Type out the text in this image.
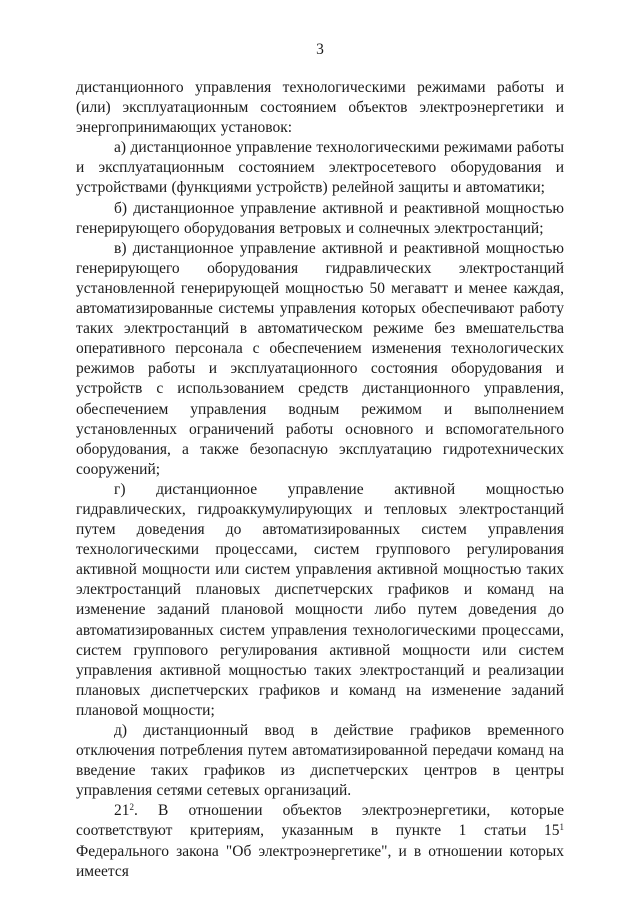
3

дистанционного управления технологическими режимами работы и (или) эксплуатационным состоянием объектов электроэнергетики и энергопринимающих установок:

а) дистанционное управление технологическими режимами работы и эксплуатационным состоянием электросетевого оборудования и устройствами (функциями устройств) релейной защиты и автоматики;

б) дистанционное управление активной и реактивной мощностью генерирующего оборудования ветровых и солнечных электростанций;

в) дистанционное управление активной и реактивной мощностью генерирующего оборудования гидравлических электростанций установленной генерирующей мощностью 50 мегаватт и менее каждая, автоматизированные системы управления которых обеспечивают работу таких электростанций в автоматическом режиме без вмешательства оперативного персонала с обеспечением изменения технологических режимов работы и эксплуатационного состояния оборудования и устройств с использованием средств дистанционного управления, обеспечением управления водным режимом и выполнением установленных ограничений работы основного и вспомогательного оборудования, а также безопасную эксплуатацию гидротехнических сооружений;

г) дистанционное управление активной мощностью гидравлических, гидроаккумулирующих и тепловых электростанций путем доведения до автоматизированных систем управления технологическими процессами, систем группового регулирования активной мощности или систем управления активной мощностью таких электростанций плановых диспетчерских графиков и команд на изменение заданий плановой мощности либо путем доведения до автоматизированных систем управления технологическими процессами, систем группового регулирования активной мощности или систем управления активной мощностью таких электростанций и реализации плановых диспетчерских графиков и команд на изменение заданий плановой мощности;

д) дистанционный ввод в действие графиков временного отключения потребления путем автоматизированной передачи команд на введение таких графиков из диспетчерских центров в центры управления сетями сетевых организаций.

$21^2$. В отношении объектов электроэнергетики, которые соответствуют критериям, указанным в пункте 1 статьи $15^1$ Федерального закона "Об электроэнергетике", и в отношении которых имеется
